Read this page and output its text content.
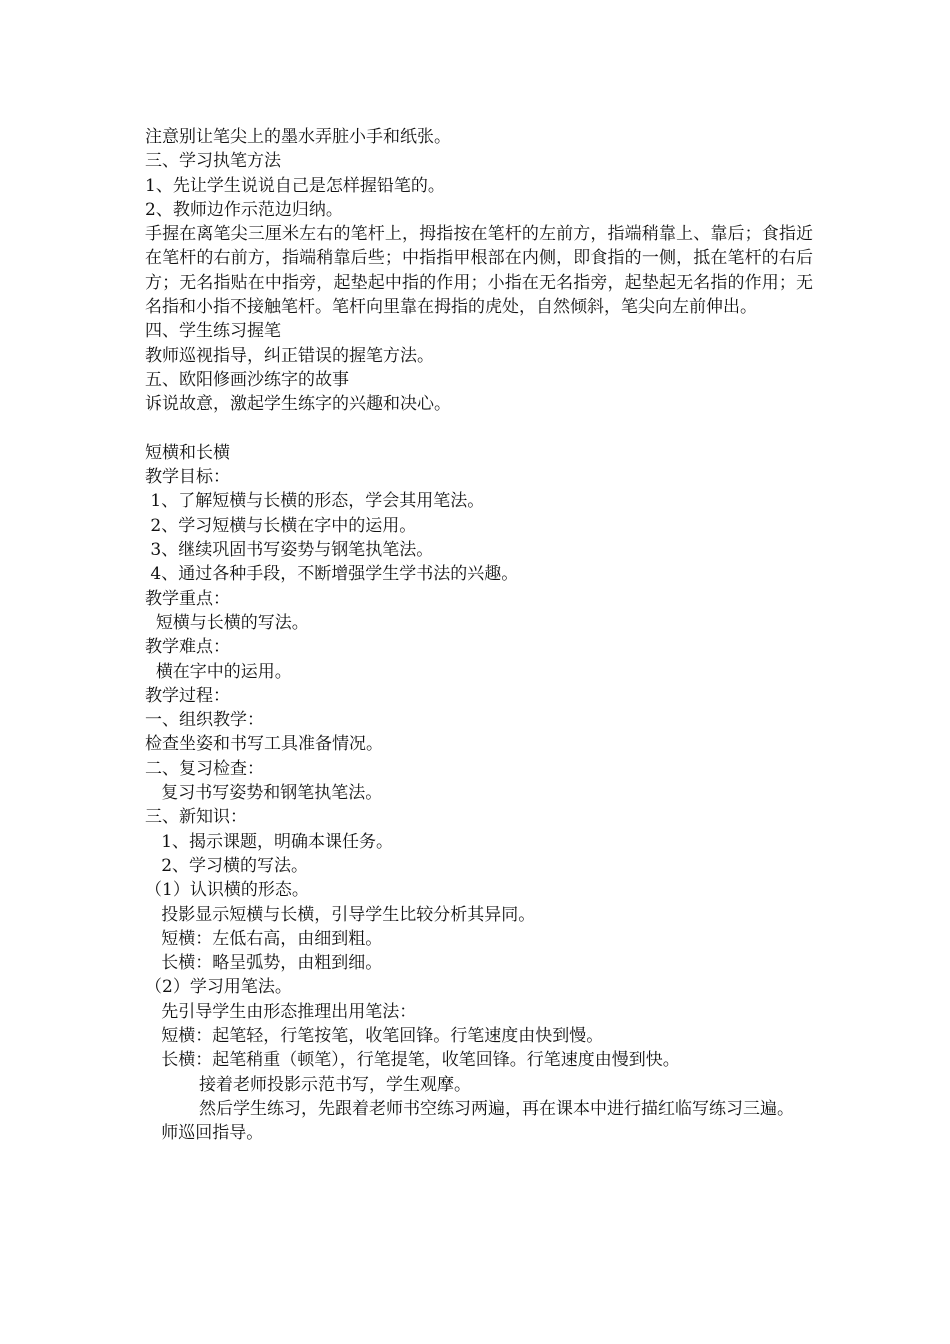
注意别让笔尖上的墨水弄脏小手和纸张。

三、学习执笔方法

1、先让学生说说自己是怎样握铅笔的。

2、教师边作示范边归纳。

手握在离笔尖三厘米左右的笔杆上，拇指按在笔杆的左前方，指端稍靠上、靠后；食指近在笔杆的右前方，指端稍靠后些；中指指甲根部在内侧，即食指的一侧，抵在笔杆的右后方；无名指贴在中指旁，起垫起中指的作用；小指在无名指旁，起垫起无名指的作用；无名指和小指不接触笔杆。笔杆向里靠在拇指的虎处，自然倾斜，笔尖向左前伸出。

四、学生练习握笔

教师巡视指导，纠正错误的握笔方法。

五、欧阳修画沙练字的故事

诉说故意，激起学生练字的兴趣和决心。

短横和长横

教学目标：

1、了解短横与长横的形态，学会其用笔法。

2、学习短横与长横在字中的运用。

3、继续巩固书写姿势与钢笔执笔法。

4、通过各种手段，不断增强学生学书法的兴趣。

教学重点：

短横与长横的写法。

教学难点：

横在字中的运用。

教学过程：

一、组织教学：

检查坐姿和书写工具准备情况。

二、复习检查：

复习书写姿势和钢笔执笔法。

三、新知识：

1、揭示课题，明确本课任务。

2、学习横的写法。

（1）认识横的形态。

投影显示短横与长横，引导学生比较分析其异同。

短横：左低右高，由细到粗。

长横：略呈弧势，由粗到细。

（2）学习用笔法。

先引导学生由形态推理出用笔法：

短横：起笔轻，行笔按笔，收笔回锋。行笔速度由快到慢。

长横：起笔稍重（顿笔），行笔提笔，收笔回锋。行笔速度由慢到快。

接着老师投影示范书写，学生观摩。

然后学生练习，先跟着老师书空练习两遍，再在课本中进行描红临写练习三遍。

师巡回指导。
